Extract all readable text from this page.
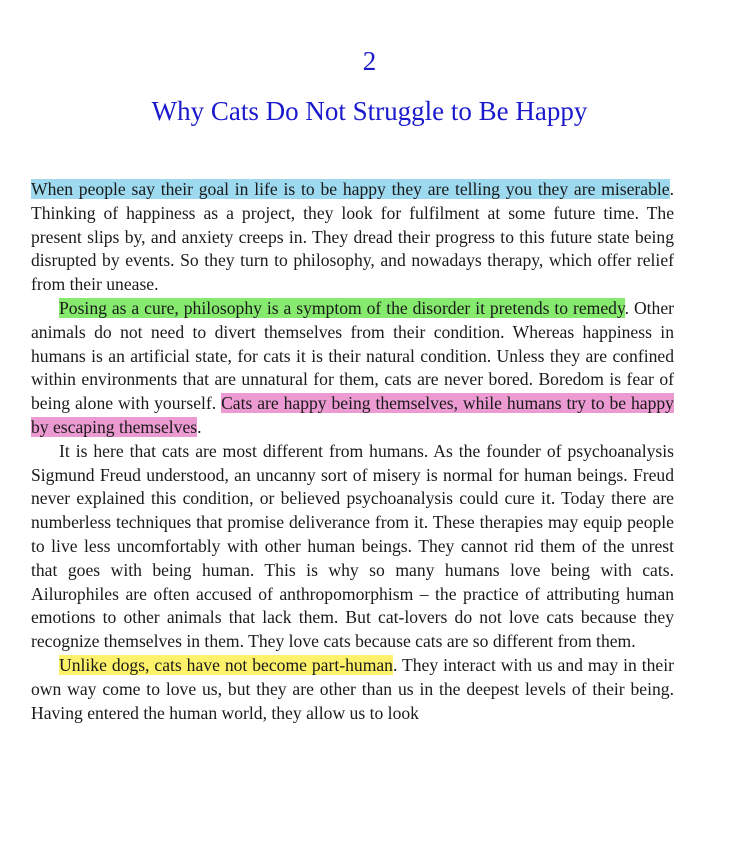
2
Why Cats Do Not Struggle to Be Happy

When people say their goal in life is to be happy they are telling you they are miserable. Thinking of happiness as a project, they look for fulfilment at some future time. The present slips by, and anxiety creeps in. They dread their progress to this future state being disrupted by events. So they turn to philosophy, and nowadays therapy, which offer relief from their unease.

Posing as a cure, philosophy is a symptom of the disorder it pretends to remedy. Other animals do not need to divert themselves from their condition. Whereas happiness in humans is an artificial state, for cats it is their natural condition. Unless they are confined within environments that are unnatural for them, cats are never bored. Boredom is fear of being alone with yourself. Cats are happy being themselves, while humans try to be happy by escaping themselves.

It is here that cats are most different from humans. As the founder of psychoanalysis Sigmund Freud understood, an uncanny sort of misery is normal for human beings. Freud never explained this condition, or believed psychoanalysis could cure it. Today there are numberless techniques that promise deliverance from it. These therapies may equip people to live less uncomfortably with other human beings. They cannot rid them of the unrest that goes with being human. This is why so many humans love being with cats. Ailurophiles are often accused of anthropomorphism – the practice of attributing human emotions to other animals that lack them. But cat-lovers do not love cats because they recognize themselves in them. They love cats because cats are so different from them.

Unlike dogs, cats have not become part-human. They interact with us and may in their own way come to love us, but they are other than us in the deepest levels of their being. Having entered the human world, they allow us to look
